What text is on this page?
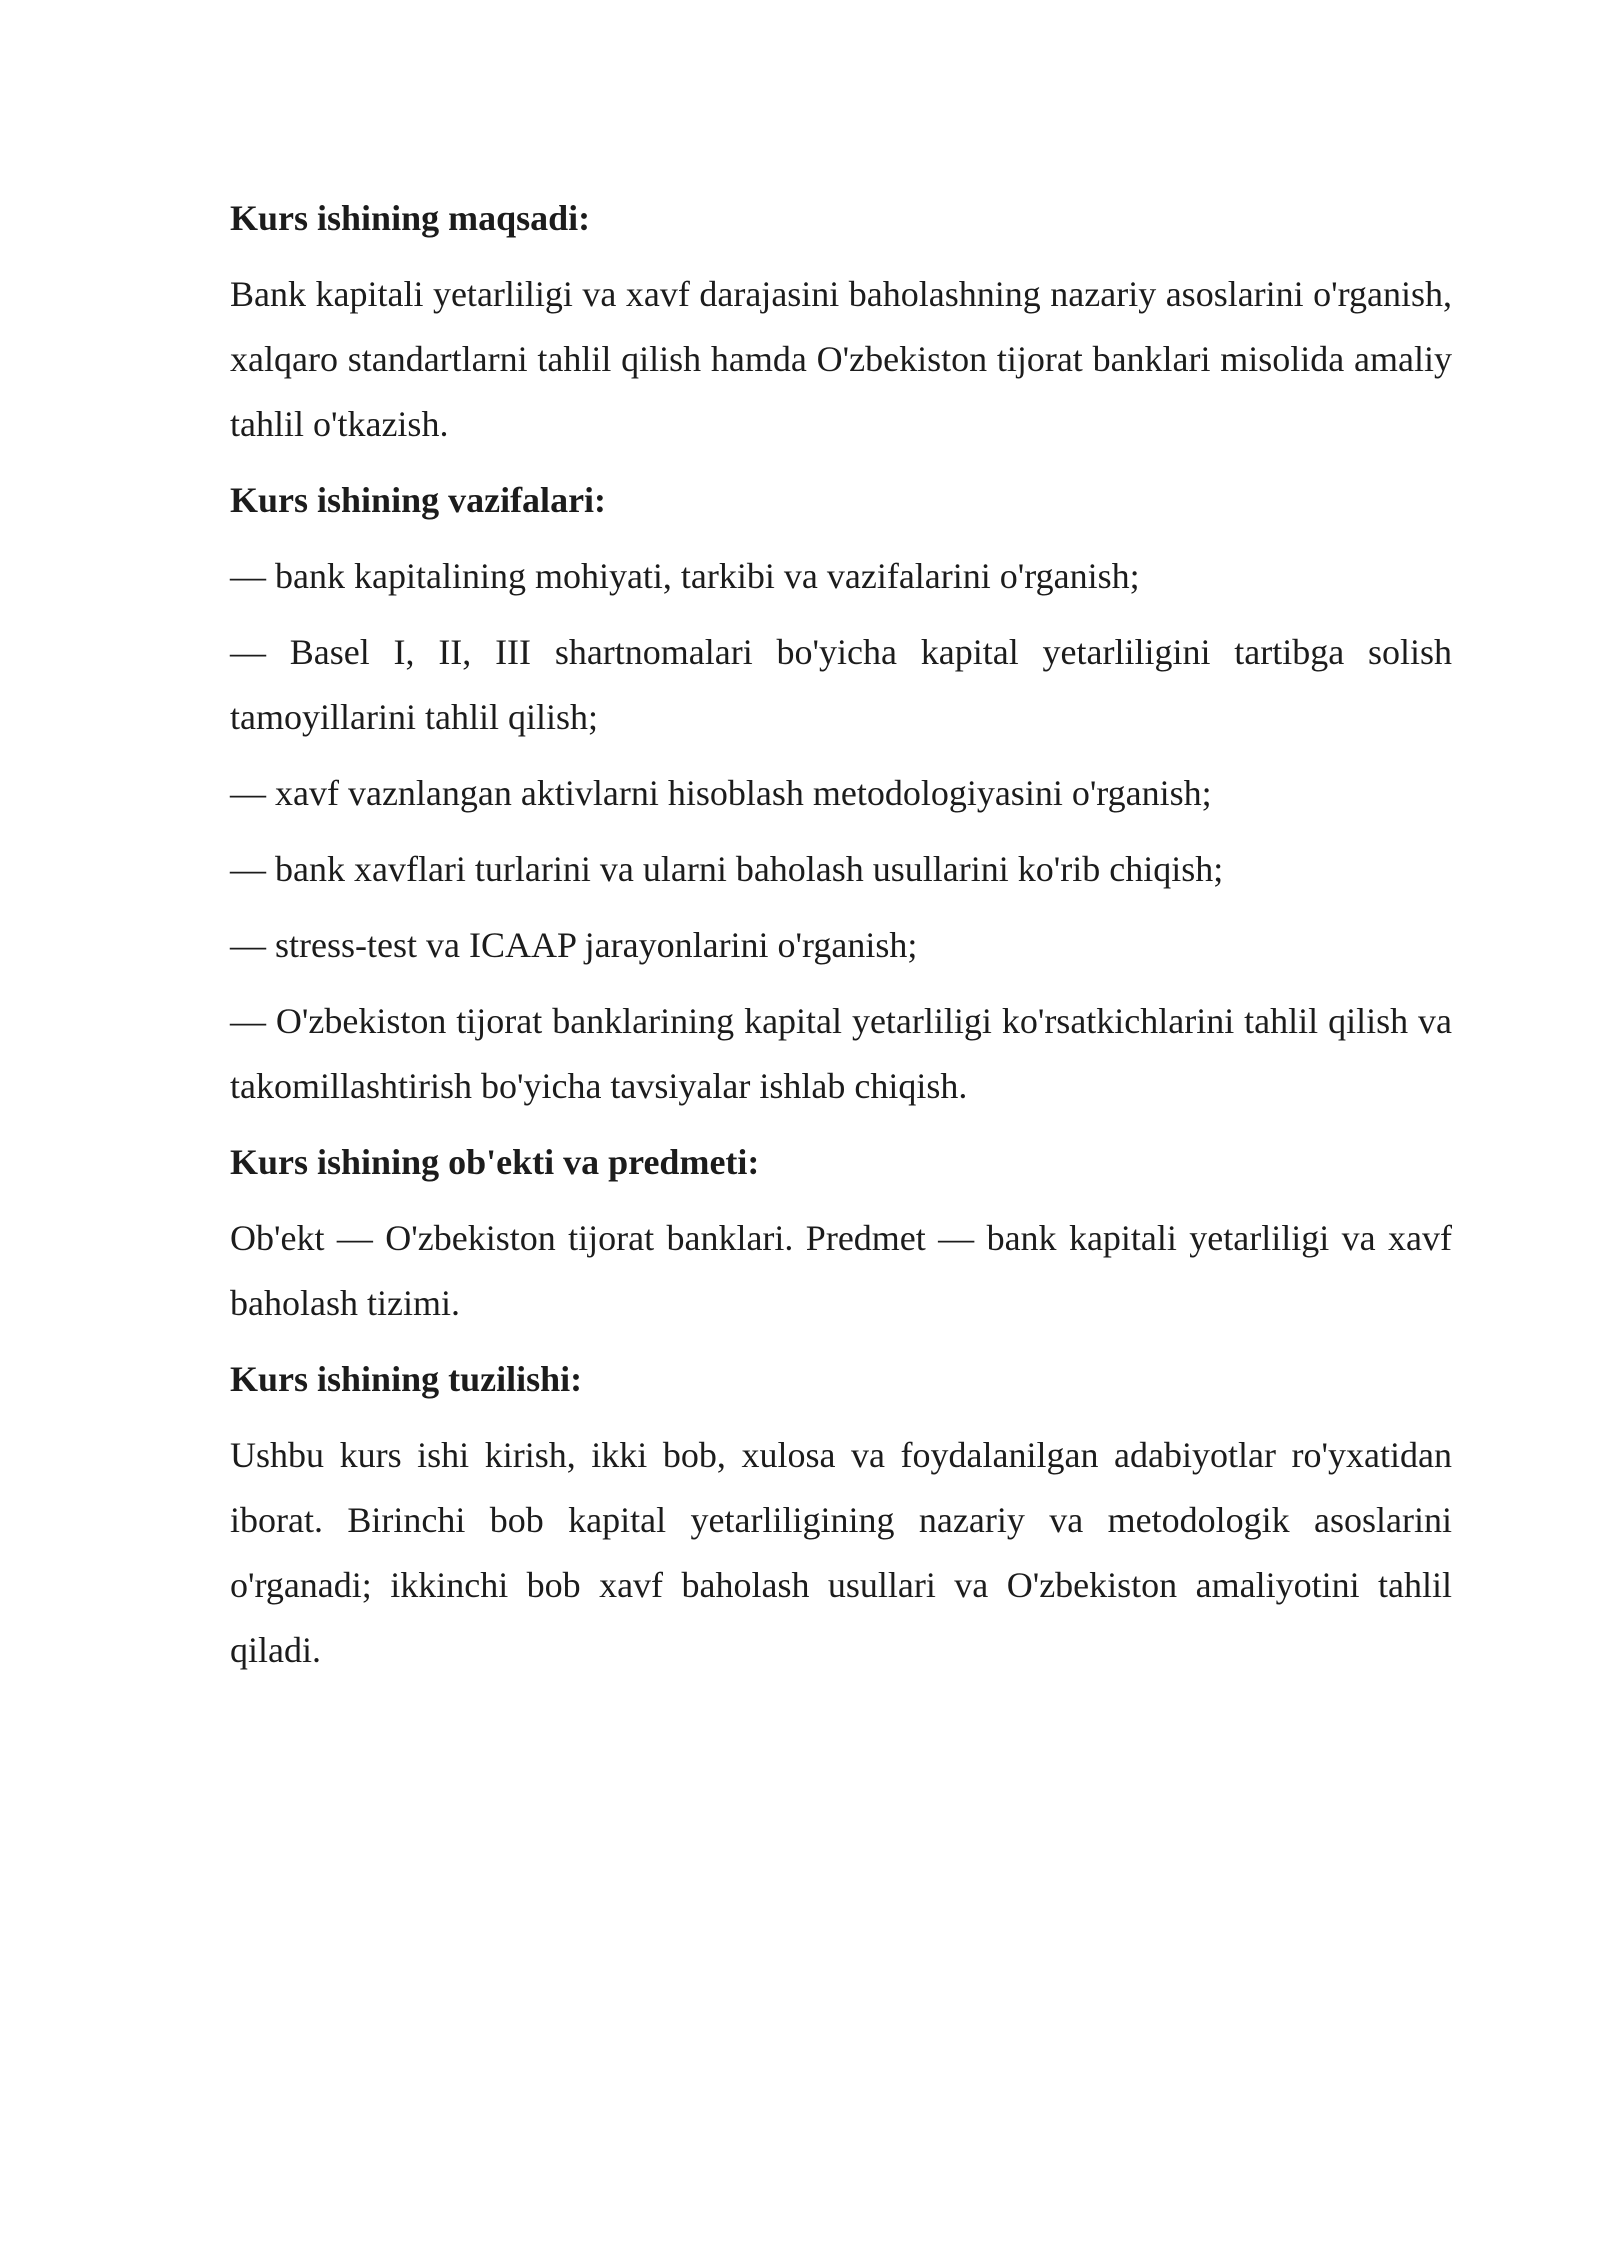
Kurs ishining maqsadi:
Bank kapitali yetarliligi va xavf darajasini baholashning nazariy asoslarini o'rganish, xalqaro standartlarni tahlil qilish hamda O'zbekiston tijorat banklari misolida amaliy tahlil o'tkazish.
Kurs ishining vazifalari:
— bank kapitalining mohiyati, tarkibi va vazifalarini o'rganish;
— Basel I, II, III shartnomalari bo'yicha kapital yetarliligini tartibga solish tamoyillarini tahlil qilish;
— xavf vaznlangan aktivlarni hisoblash metodologiyasini o'rganish;
— bank xavflari turlarini va ularni baholash usullarini ko'rib chiqish;
— stress-test va ICAAP jarayonlarini o'rganish;
— O'zbekiston tijorat banklarining kapital yetarliligi ko'rsatkichlarini tahlil qilish va takomillashtirish bo'yicha tavsiyalar ishlab chiqish.
Kurs ishining ob'ekti va predmeti:
Ob'ekt — O'zbekiston tijorat banklari. Predmet — bank kapitali yetarliligi va xavf baholash tizimi.
Kurs ishining tuzilishi:
Ushbu kurs ishi kirish, ikki bob, xulosa va foydalanilgan adabiyotlar ro'yxatidan iborat. Birinchi bob kapital yetarliligining nazariy va metodologik asoslarini o'rganadi; ikkinchi bob xavf baholash usullari va O'zbekiston amaliyotini tahlil qiladi.
